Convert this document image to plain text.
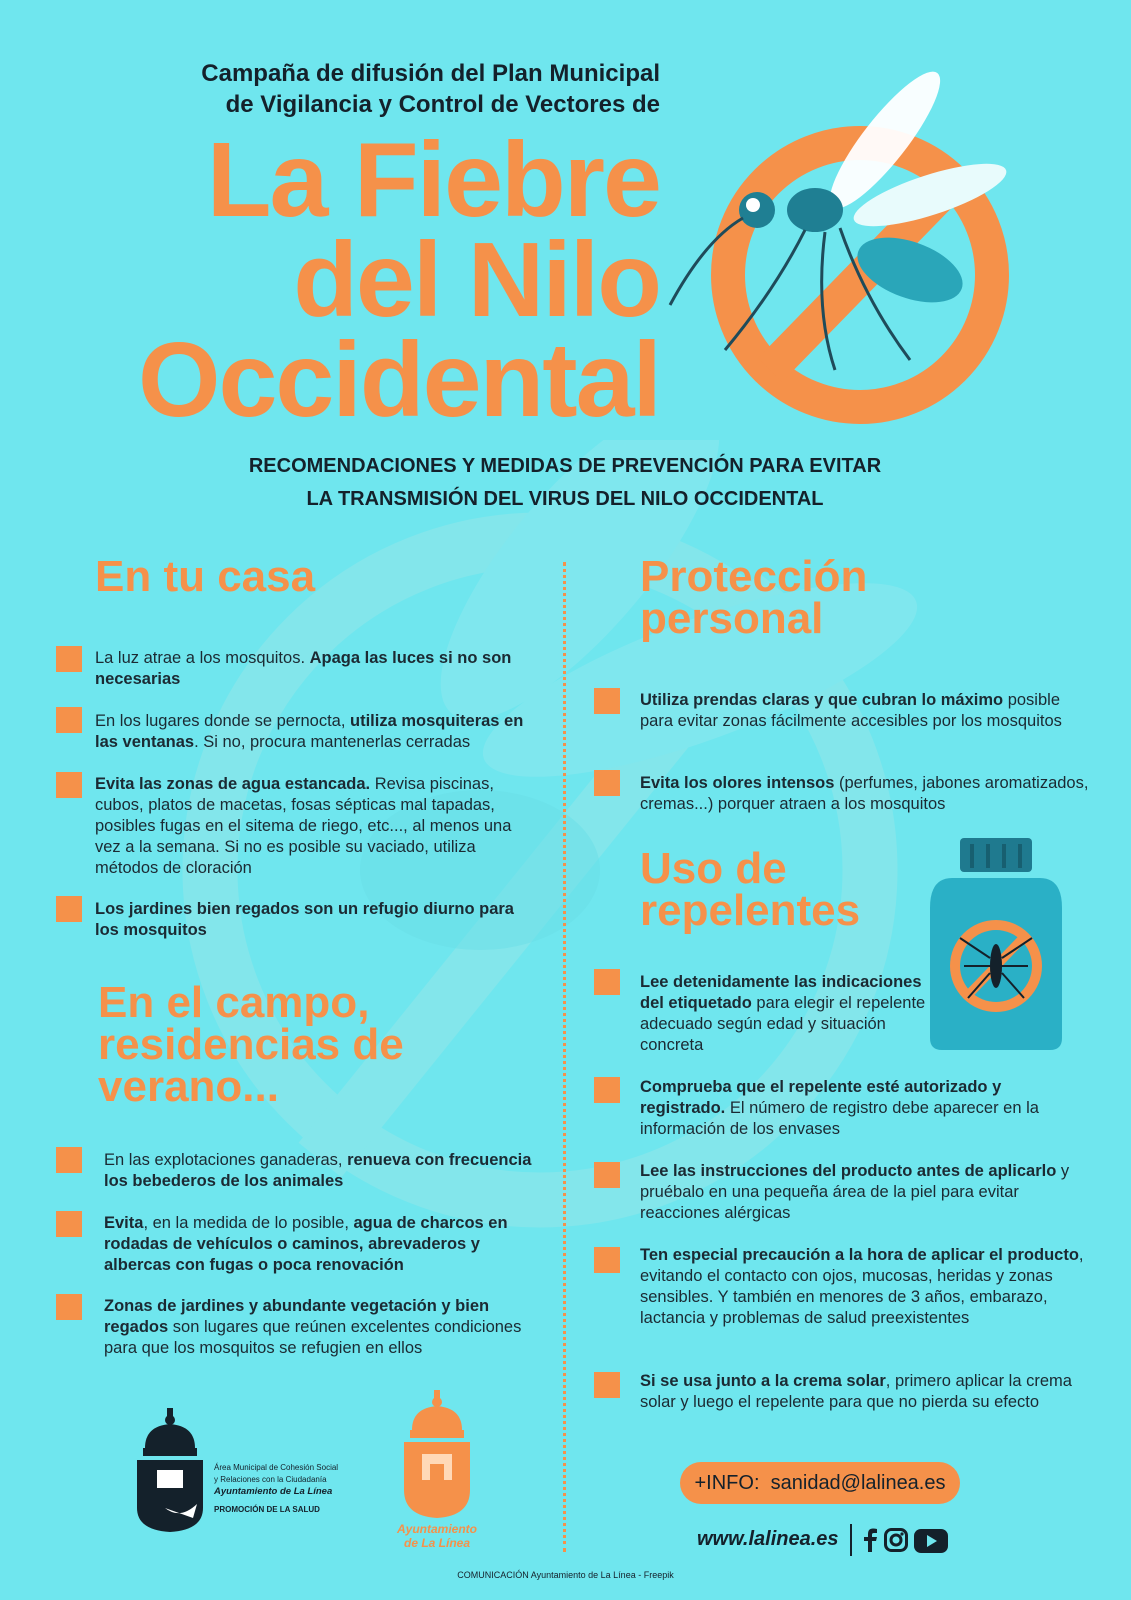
Campaña de difusión del Plan Municipal
de Vigilancia y Control de Vectores de
La Fiebre
del Nilo
Occidental
RECOMENDACIONES Y MEDIDAS DE PREVENCIÓN PARA EVITAR
LA TRANSMISIÓN DEL VIRUS DEL NILO OCCIDENTAL
En tu casa
La luz atrae a los mosquitos. Apaga las luces si no son necesarias
En los lugares donde se pernocta, utiliza mosquiteras en las ventanas. Si no, procura mantenerlas cerradas
Evita las zonas de agua estancada. Revisa piscinas, cubos, platos de macetas, fosas sépticas mal tapadas, posibles fugas en el sitema de riego, etc..., al menos una vez a la semana. Si no es posible su vaciado, utiliza métodos de cloración
Los jardines bien regados son un refugio diurno para los mosquitos
En el campo,
residencias de
verano...
En las explotaciones ganaderas, renueva con frecuencia los bebederos de los animales
Evita, en la medida de lo posible, agua de charcos en rodadas de vehículos o caminos, abrevaderos y albercas con fugas o poca renovación
Zonas de jardines y abundante vegetación y bien regados son lugares que reúnen excelentes condiciones para que los mosquitos se refugien en ellos
Protección
personal
Utiliza prendas claras y que cubran lo máximo posible para evitar zonas fácilmente accesibles por los mosquitos
Evita los olores intensos (perfumes, jabones aromatizados, cremas...) porquer atraen a los mosquitos
Uso de
repelentes
Lee detenidamente las indicaciones del etiquetado para elegir el repelente adecuado según edad y situación concreta
Comprueba que el repelente esté autorizado y registrado. El número de registro debe aparecer en la información de los envases
Lee las instrucciones del producto antes de aplicarlo y pruébalo en una pequeña área de la piel para evitar reacciones alérgicas
Ten especial precaución a la hora de aplicar el producto, evitando el contacto con ojos, mucosas, heridas y zonas sensibles. Y también en menores de 3 años, embarazo, lactancia y problemas de salud preexistentes
Si se usa junto a la crema solar, primero aplicar la crema solar y luego el repelente para que no pierda su efecto
Área Municipal de Cohesión Social
y Relaciones con la Ciudadanía
Ayuntamiento de La Línea
PROMOCIÓN DE LA SALUD
Ayuntamiento
de La Línea
+INFO: sanidad@lalinea.es
www.lalinea.es
COMUNICACIÓN Ayuntamiento de La Línea - Freepik
